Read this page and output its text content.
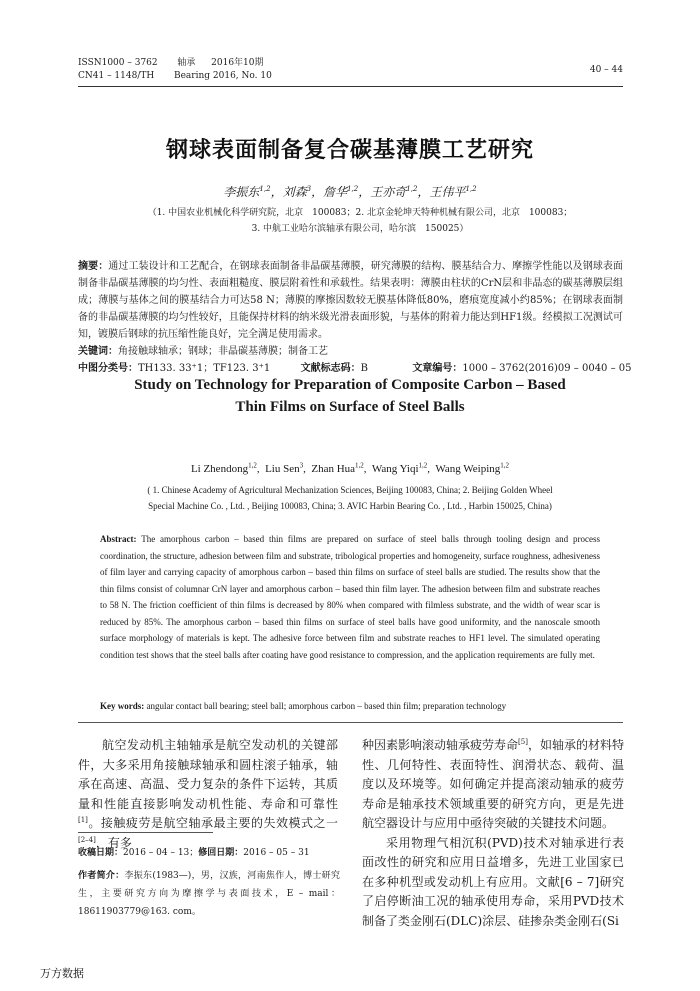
ISSN1000 – 3762 轴承 2016年10期
CN41 – 1148/TH Bearing 2016, No. 10
40 – 44
钢球表面制备复合碳基薄膜工艺研究
李振东$^{1,2}$，刘森$^3$，詹华$^{1,2}$，王亦奇$^{1,2}$，王伟平$^{1,2}$
（1. 中国农业机械化科学研究院，北京　100083；2. 北京金轮坤天特种机械有限公司，北京　100083；
3. 中航工业哈尔滨轴承有限公司，哈尔滨　150025）
摘要：通过工装设计和工艺配合，在钢球表面制备非晶碳基薄膜，研究薄膜的结构、膜基结合力、摩擦学性能以及钢球表面制备非晶碳基薄膜的均匀性、表面粗糙度、膜层附着性和承载性。结果表明：薄膜由柱状的CrN层和非晶态的碳基薄膜层组成；薄膜与基体之间的膜基结合力可达58 N；薄膜的摩擦因数较无膜基体降低80%，磨痕宽度减小约85%；在钢球表面制备的非晶碳基薄膜的均匀性较好，且能保持材料的纳米级光滑表面形貌，与基体的附着力能达到HF1级。经模拟工况测试可知，镀膜后钢球的抗压缩性能良好，完全满足使用需求。
关键词：角接触球轴承；钢球；非晶碳基薄膜；制备工艺
中图分类号：TH133. 33⁺1；TF123. 3⁺1	文献标志码：B	文章编号：1000 – 3762(2016)09 – 0040 – 05
Study on Technology for Preparation of Composite Carbon – Based
Thin Films on Surface of Steel Balls
Li Zhendong$^{1,2}$,  Liu Sen$^3$,  Zhan Hua$^{1,2}$,  Wang Yiqi$^{1,2}$,  Wang Weiping$^{1,2}$
( 1. Chinese Academy of Agricultural Mechanization Sciences, Beijing 100083, China; 2. Beijing Golden Wheel
Special Machine Co. , Ltd. , Beijing 100083, China; 3. AVIC Harbin Bearing Co. , Ltd. , Harbin 150025, China)
Abstract: The amorphous carbon – based thin films are prepared on surface of steel balls through tooling design and process coordination, the structure, adhesion between film and substrate, tribological properties and homogeneity, surface roughness, adhesiveness of film layer and carrying capacity of amorphous carbon – based thin films on surface of steel balls are studied. The results show that the thin films consist of columnar CrN layer and amorphous carbon – based thin film layer. The adhesion between film and substrate reaches to 58 N. The friction coefficient of thin films is decreased by 80% when compared with filmless substrate, and the width of wear scar is reduced by 85%. The amorphous carbon – based thin films on surface of steel balls have good uniformity, and the nanoscale smooth surface morphology of materials is kept. The adhesive force between film and substrate reaches to HF1 level. The simulated operating condition test shows that the steel balls after coating have good resistance to compression, and the application requirements are fully met.
Key words: angular contact ball bearing; steel ball; amorphous carbon – based thin film; preparation technology
航空发动机主轴轴承是航空发动机的关键部件，大多采用角接触球轴承和圆柱滚子轴承，轴承在高速、高温、受力复杂的条件下运转，其质量和性能直接影响发动机性能、寿命和可靠性[1]。接触疲劳是航空轴承最主要的失效模式之一[2–4]，有多
收稿日期：2016 – 04 – 13；修回日期：2016 – 05 – 31
作者简介：李振东(1983—)，男，汉族，河南焦作人，博士研究生，主要研究方向为摩擦学与表面技术，E – mail：18611903779@163. com。
种因素影响滚动轴承疲劳寿命[5]，如轴承的材料特性、几何特性、表面特性、润滑状态、载荷、温度以及环境等。如何确定并提高滚动轴承的疲劳寿命是轴承技术领域重要的研究方向，更是先进航空器设计与应用中亟待突破的关键技术问题。
采用物理气相沉积(PVD)技术对轴承进行表面改性的研究和应用日益增多，先进工业国家已在多种机型或发动机上有应用。文献[6 – 7]研究了启停断油工况的轴承使用寿命，采用PVD技术制备了类金刚石(DLC)涂层、硅掺杂类金刚石(Si
万方数据
